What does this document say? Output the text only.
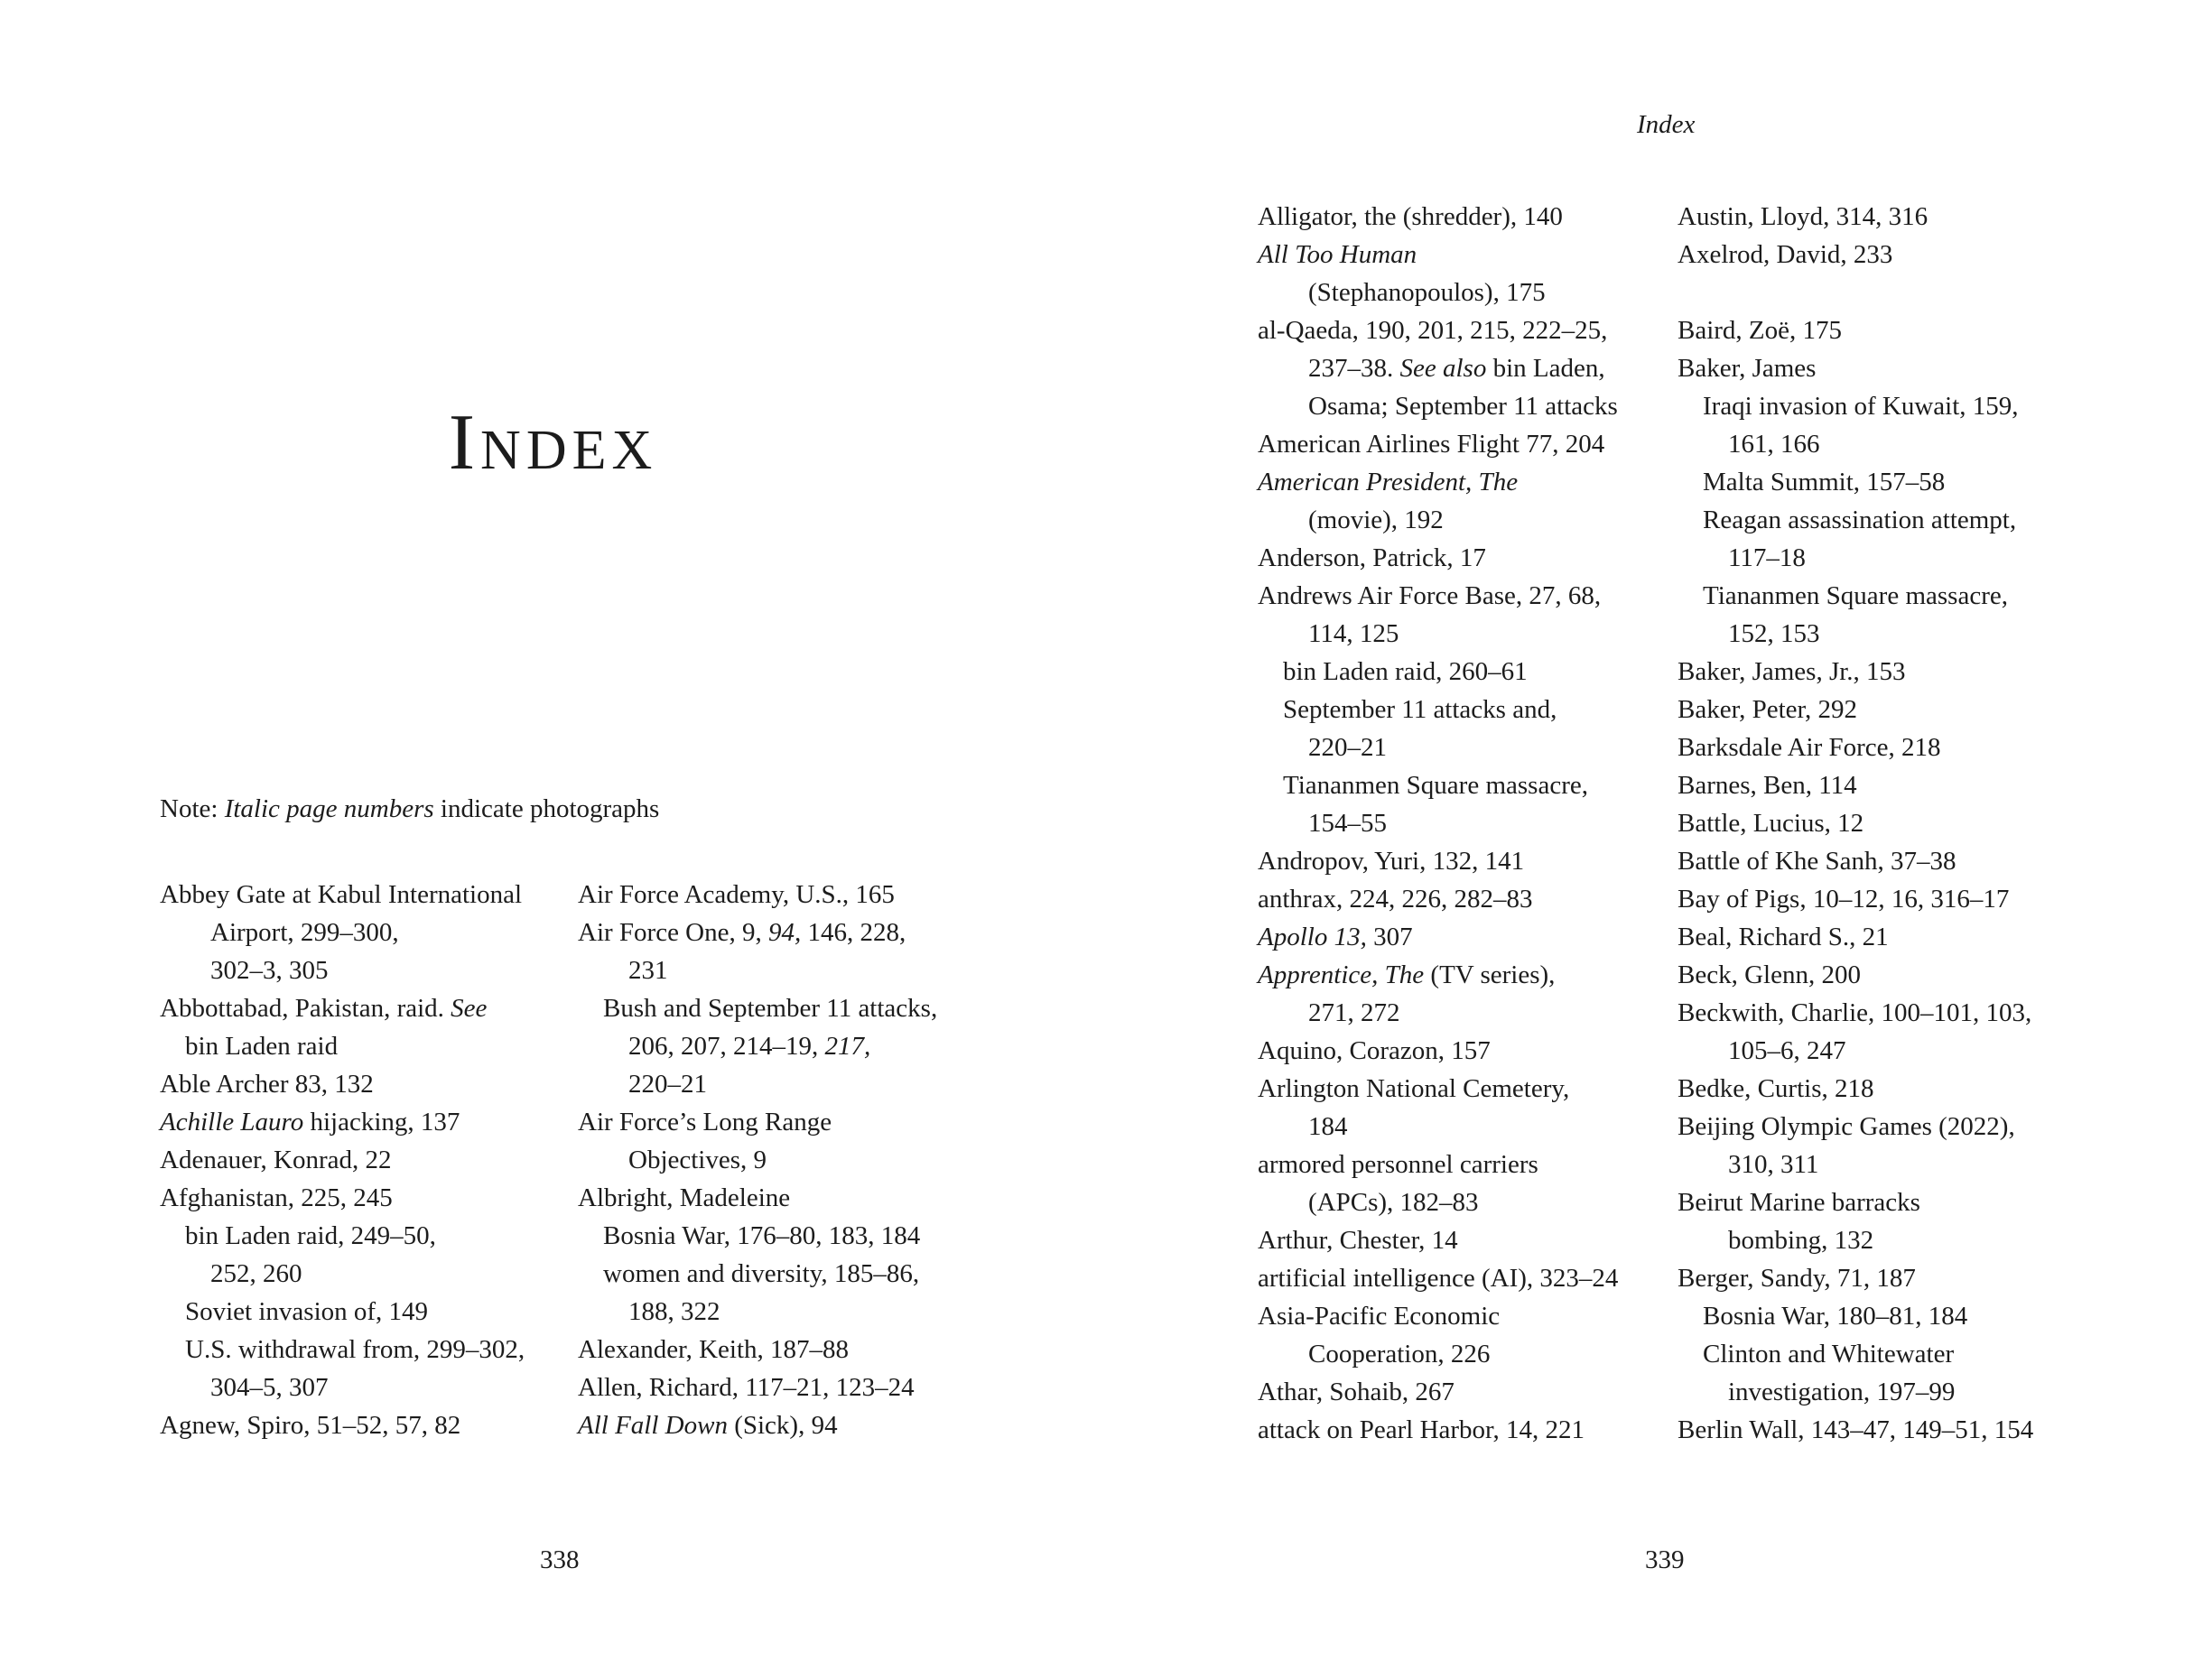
Index
Note: Italic page numbers indicate photographs
Abbey Gate at Kabul International
Airport, 299–300,
302–3, 305
Abbottabad, Pakistan, raid. See
bin Laden raid
Able Archer 83, 132
Achille Lauro hijacking, 137
Adenauer, Konrad, 22
Afghanistan, 225, 245
bin Laden raid, 249–50,
252, 260
Soviet invasion of, 149
U.S. withdrawal from, 299–302,
304–5, 307
Agnew, Spiro, 51–52, 57, 82
Air Force Academy, U.S., 165
Air Force One, 9, 94, 146, 228,
231
Bush and September 11 attacks,
206, 207, 214–19, 217,
220–21
Air Force’s Long Range
Objectives, 9
Albright, Madeleine
Bosnia War, 176–80, 183, 184
women and diversity, 185–86,
188, 322
Alexander, Keith, 187–88
Allen, Richard, 117–21, 123–24
All Fall Down (Sick), 94
338
Index
Alligator, the (shredder), 140
All Too Human
(Stephanopoulos), 175
al-Qaeda, 190, 201, 215, 222–25,
237–38. See also bin Laden,
Osama; September 11 attacks
American Airlines Flight 77, 204
American President, The
(movie), 192
Anderson, Patrick, 17
Andrews Air Force Base, 27, 68,
114, 125
bin Laden raid, 260–61
September 11 attacks and,
220–21
Tiananmen Square massacre,
154–55
Andropov, Yuri, 132, 141
anthrax, 224, 226, 282–83
Apollo 13, 307
Apprentice, The (TV series),
271, 272
Aquino, Corazon, 157
Arlington National Cemetery,
184
armored personnel carriers
(APCs), 182–83
Arthur, Chester, 14
artificial intelligence (AI), 323–24
Asia-Pacific Economic
Cooperation, 226
Athar, Sohaib, 267
attack on Pearl Harbor, 14, 221
Austin, Lloyd, 314, 316
Axelrod, David, 233
Baird, Zoë, 175
Baker, James
Iraqi invasion of Kuwait, 159,
161, 166
Malta Summit, 157–58
Reagan assassination attempt,
117–18
Tiananmen Square massacre,
152, 153
Baker, James, Jr., 153
Baker, Peter, 292
Barksdale Air Force, 218
Barnes, Ben, 114
Battle, Lucius, 12
Battle of Khe Sanh, 37–38
Bay of Pigs, 10–12, 16, 316–17
Beal, Richard S., 21
Beck, Glenn, 200
Beckwith, Charlie, 100–101, 103,
105–6, 247
Bedke, Curtis, 218
Beijing Olympic Games (2022),
310, 311
Beirut Marine barracks
bombing, 132
Berger, Sandy, 71, 187
Bosnia War, 180–81, 184
Clinton and Whitewater
investigation, 197–99
Berlin Wall, 143–47, 149–51, 154
339
